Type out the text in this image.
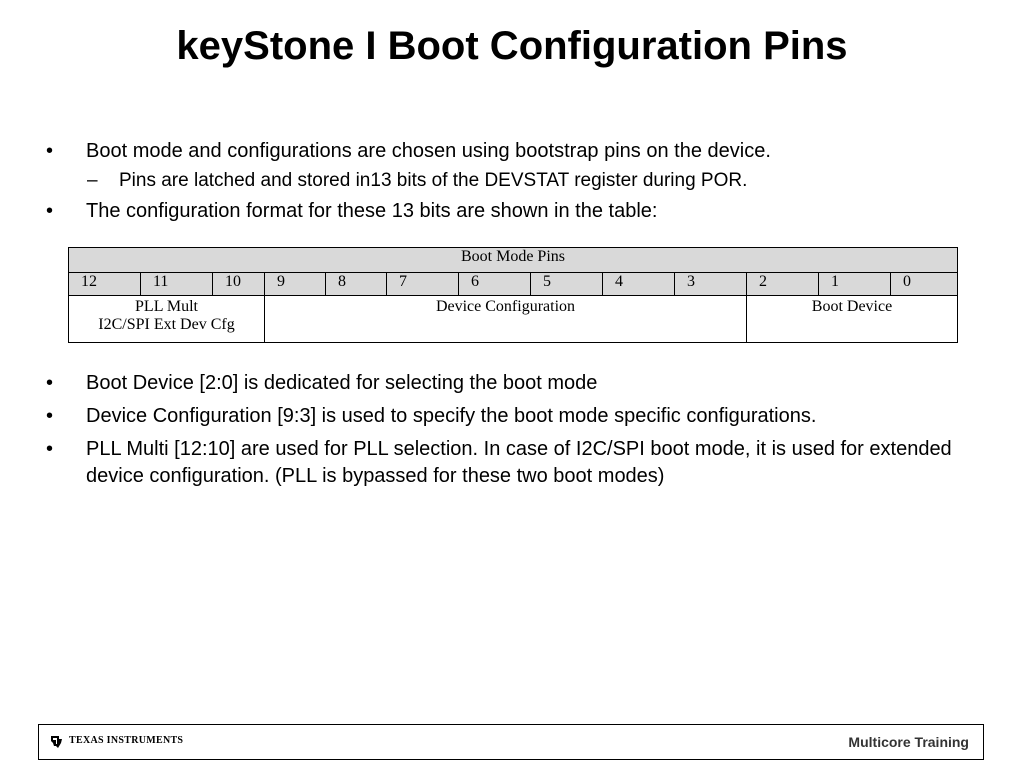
keyStone I Boot Configuration Pins
• Boot mode and configurations are chosen using bootstrap pins on the device.
– Pins are latched and stored in13 bits of the DEVSTAT register during POR.
• The configuration format for these 13 bits are shown in the table:
Boot Mode Pins												
12	11	10	9	8	7	6	5	4	3	2	1	0

PLL Mult
I2C/SPI Ext Dev Cfg			Device Configuration							Boot Device		
• Boot Device [2:0] is dedicated for selecting the boot mode
• Device Configuration [9:3] is used to specify the boot mode specific configurations.
• PLL Multi [12:10] are used for PLL selection. In case of I2C/SPI boot mode, it is used for extended device configuration. (PLL is bypassed for these two boot modes)
TEXAS INSTRUMENTS	Multicore Training
